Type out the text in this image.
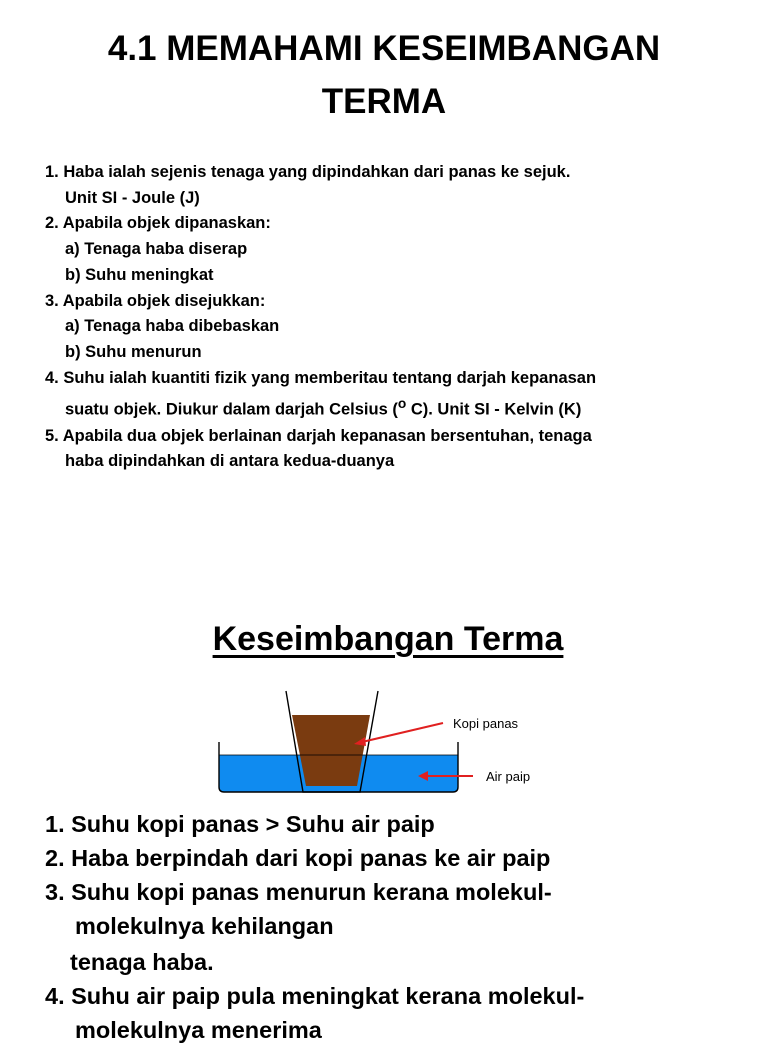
4.1 MEMAHAMI KESEIMBANGAN
TERMA
1. Haba ialah sejenis tenaga yang dipindahkan dari panas ke sejuk.
Unit SI - Joule (J)
2. Apabila objek dipanaskan:
a) Tenaga haba diserap
b) Suhu meningkat
3. Apabila objek disejukkan:
a) Tenaga haba dibebaskan
b) Suhu menurun
4. Suhu ialah kuantiti fizik yang memberitau tentang darjah kepanasan
suatu objek. Diukur dalam darjah Celsius ($^o$ C). Unit SI - Kelvin (K)
5. Apabila dua objek berlainan darjah kepanasan bersentuhan, tenaga
haba dipindahkan di antara kedua-duanya
Keseimbangan Terma
Kopi panas
Air paip
1. Suhu kopi panas > Suhu air paip
2. Haba berpindah dari kopi panas ke air paip
3. Suhu kopi panas menurun kerana molekul-
molekulnya kehilangan
tenaga haba.
4. Suhu air paip pula meningkat kerana molekul-
molekulnya menerima
